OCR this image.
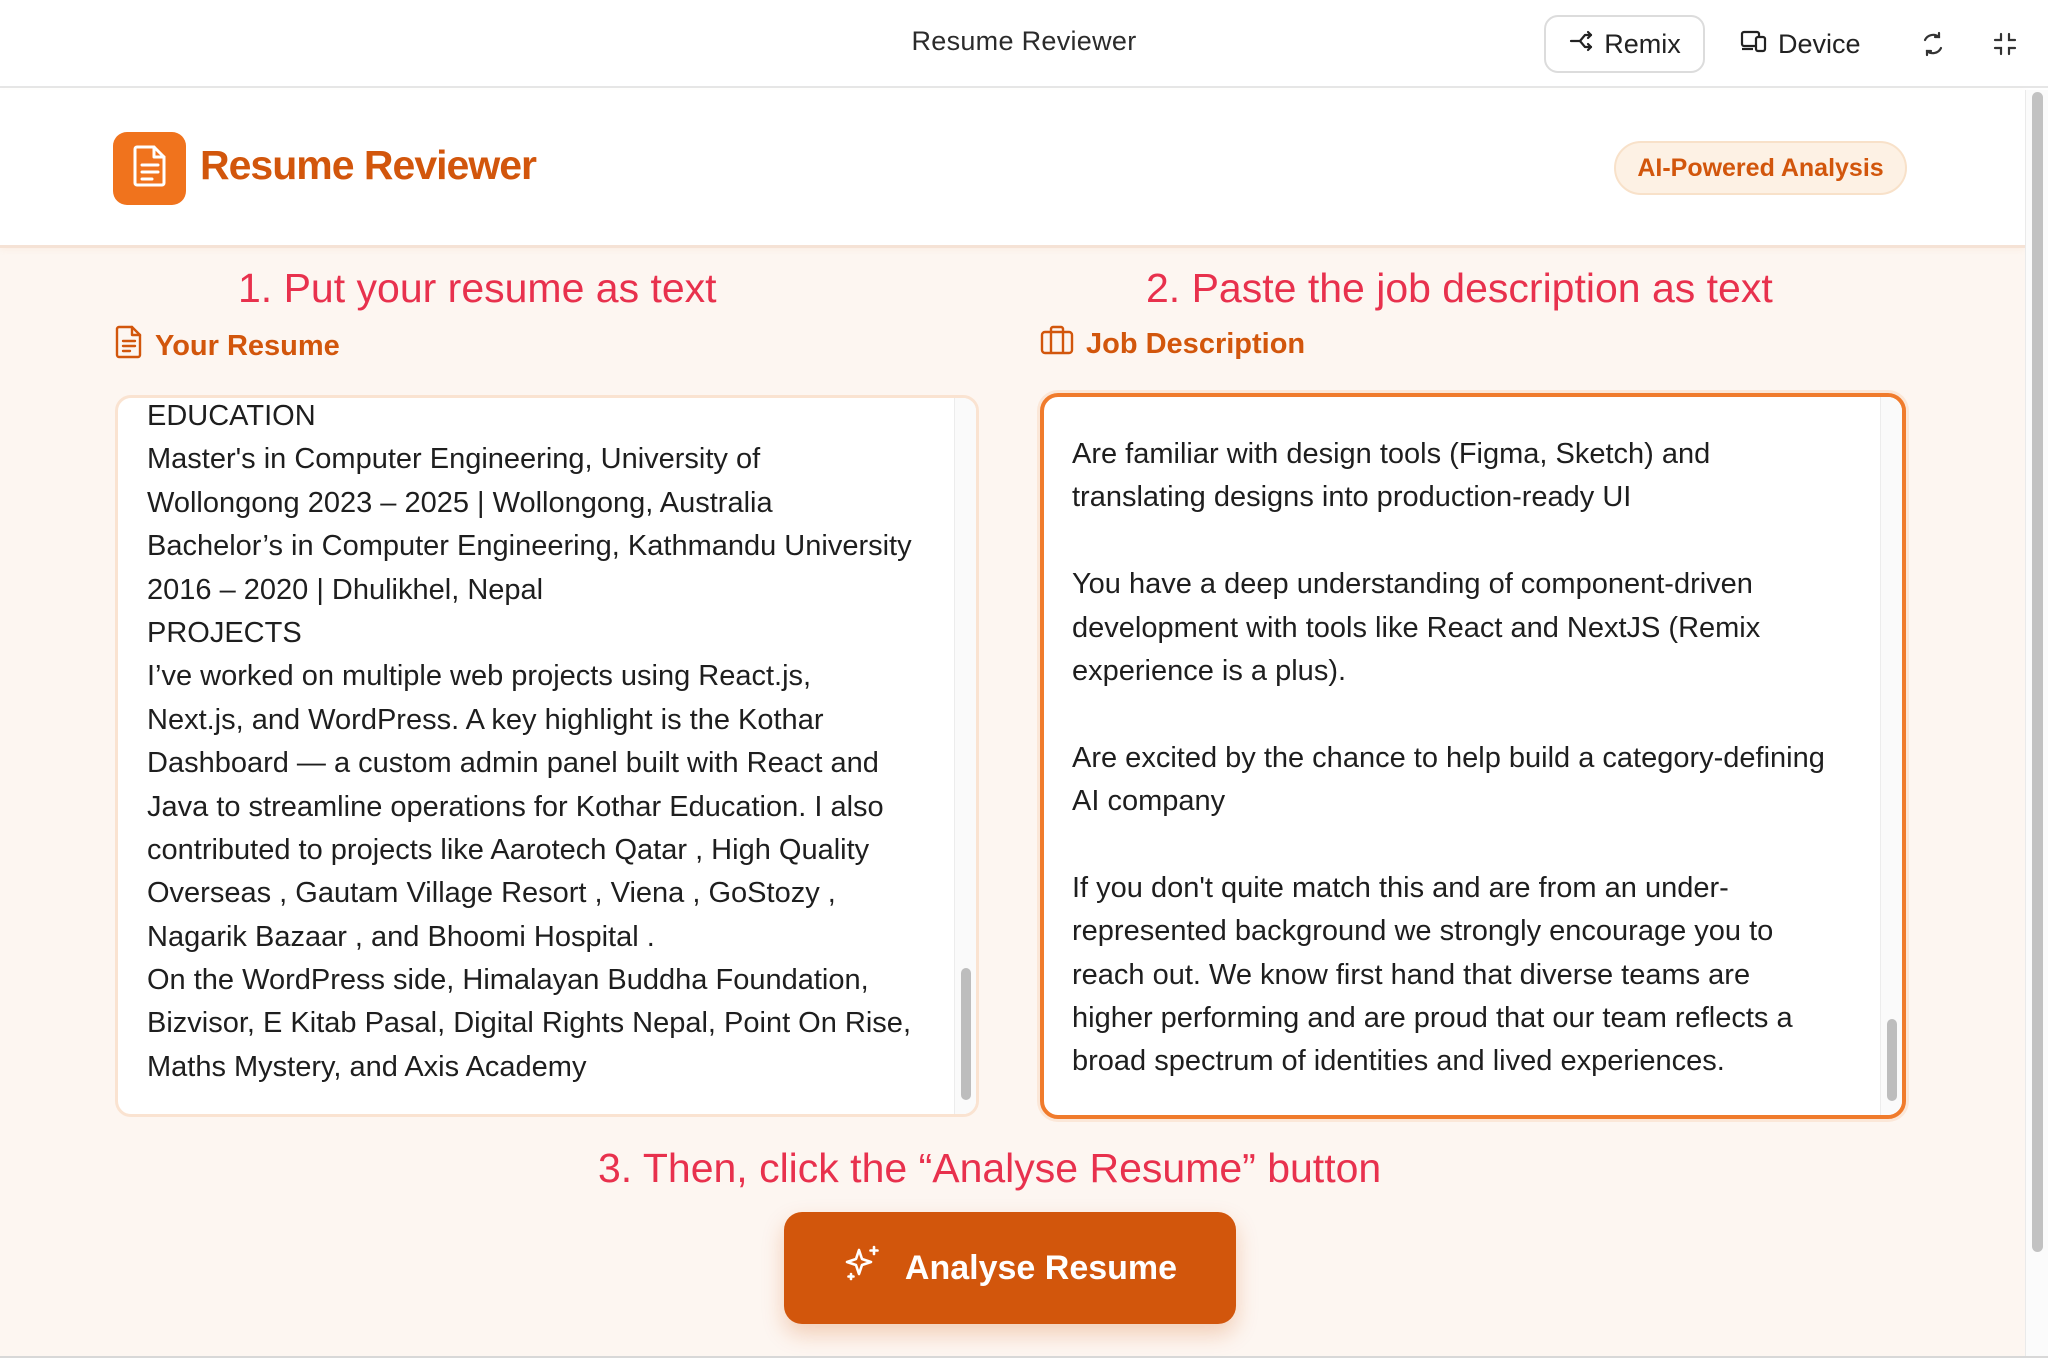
Resume Reviewer	Remix	Device
Resume Reviewer	AI-Powered Analysis
1. Put your resume as text	2. Paste the job description as text
Your Resume	Job Description
EDUCATION
Master's in Computer Engineering, University of
Wollongong 2023 – 2025 | Wollongong, Australia
Bachelor’s in Computer Engineering, Kathmandu University
2016 – 2020 | Dhulikhel, Nepal
PROJECTS
I’ve worked on multiple web projects using React.js,
Next.js, and WordPress. A key highlight is the Kothar
Dashboard — a custom admin panel built with React and
Java to streamline operations for Kothar Education. I also
contributed to projects like Aarotech Qatar , High Quality
Overseas , Gautam Village Resort , Viena , GoStozy ,
Nagarik Bazaar , and Bhoomi Hospital .
On the WordPress side, Himalayan Buddha Foundation,
Bizvisor, E Kitab Pasal, Digital Rights Nepal, Point On Rise,
Maths Mystery, and Axis Academy
Are familiar with design tools (Figma, Sketch) and
translating designs into production-ready UI
You have a deep understanding of component-driven
development with tools like React and NextJS (Remix
experience is a plus).
Are excited by the chance to help build a category-defining
AI company
If you don't quite match this and are from an under-
represented background we strongly encourage you to
reach out. We know first hand that diverse teams are
higher performing and are proud that our team reflects a
broad spectrum of identities and lived experiences.
3. Then, click the “Analyse Resume” button
Analyse Resume
